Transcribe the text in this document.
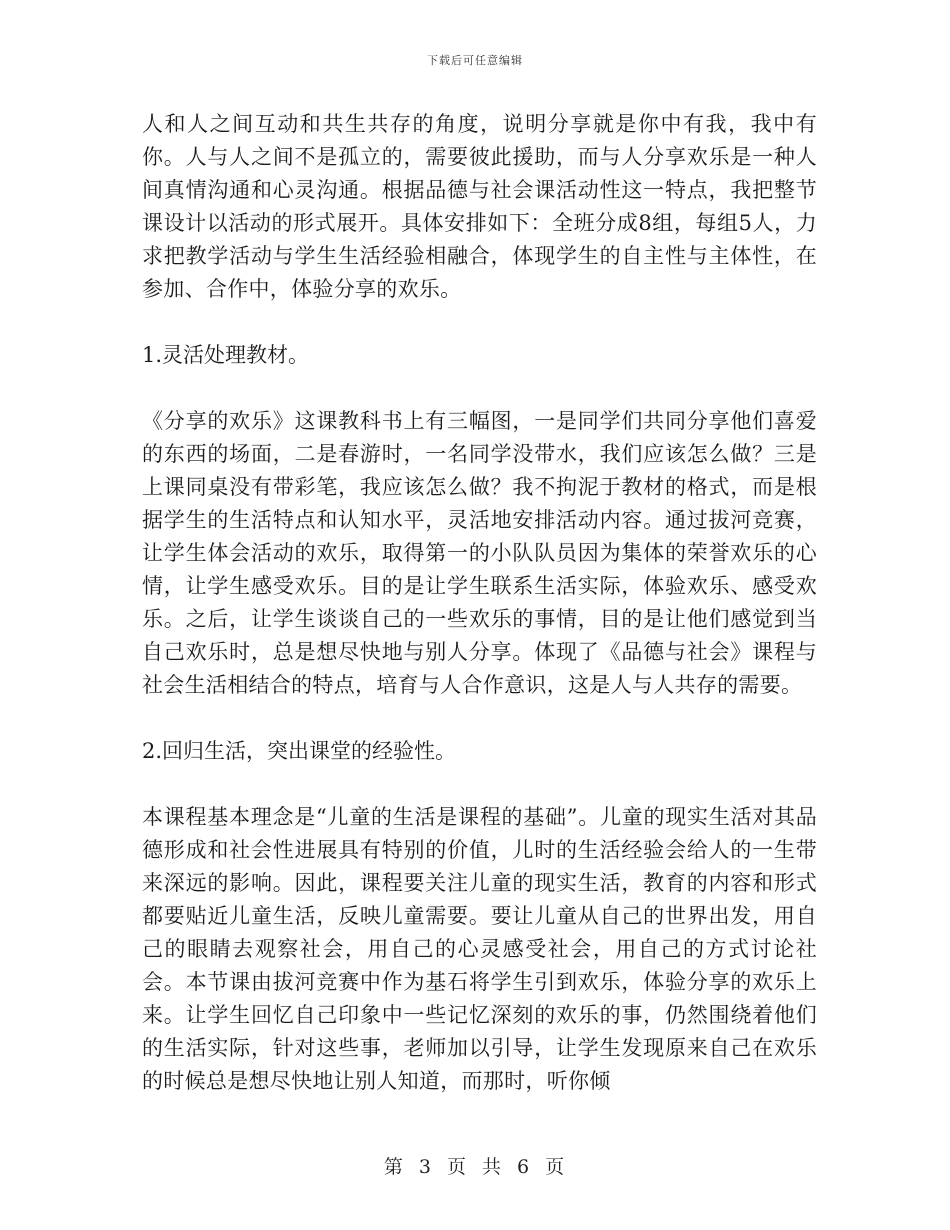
下载后可任意编辑

人和人之间互动和共生共存的角度，说明分享就是你中有我，我中有你。人与人之间不是孤立的，需要彼此援助，而与人分享欢乐是一种人间真情沟通和心灵沟通。根据品德与社会课活动性这一特点，我把整节课设计以活动的形式展开。具体安排如下：全班分成8组，每组5人，力求把教学活动与学生生活经验相融合，体现学生的自主性与主体性，在参加、合作中，体验分享的欢乐。

1.灵活处理教材。

《分享的欢乐》这课教科书上有三幅图，一是同学们共同分享他们喜爱的东西的场面，二是春游时，一名同学没带水，我们应该怎么做？三是上课同桌没有带彩笔，我应该怎么做？我不拘泥于教材的格式，而是根据学生的生活特点和认知水平，灵活地安排活动内容。通过拔河竞赛，让学生体会活动的欢乐，取得第一的小队队员因为集体的荣誉欢乐的心情，让学生感受欢乐。目的是让学生联系生活实际，体验欢乐、感受欢乐。之后，让学生谈谈自己的一些欢乐的事情，目的是让他们感觉到当自己欢乐时，总是想尽快地与别人分享。体现了《品德与社会》课程与社会生活相结合的特点，培育与人合作意识，这是人与人共存的需要。

2.回归生活，突出课堂的经验性。

本课程基本理念是“儿童的生活是课程的基础”。儿童的现实生活对其品德形成和社会性进展具有特别的价值，儿时的生活经验会给人的一生带来深远的影响。因此，课程要关注儿童的现实生活，教育的内容和形式都要贴近儿童生活，反映儿童需要。要让儿童从自己的世界出发，用自己的眼睛去观察社会，用自己的心灵感受社会，用自己的方式讨论社会。本节课由拔河竞赛中作为基石将学生引到欢乐，体验分享的欢乐上来。让学生回忆自己印象中一些记忆深刻的欢乐的事，仍然围绕着他们的生活实际，针对这些事，老师加以引导，让学生发现原来自己在欢乐的时候总是想尽快地让别人知道，而那时，听你倾

第 3 页 共 6 页
